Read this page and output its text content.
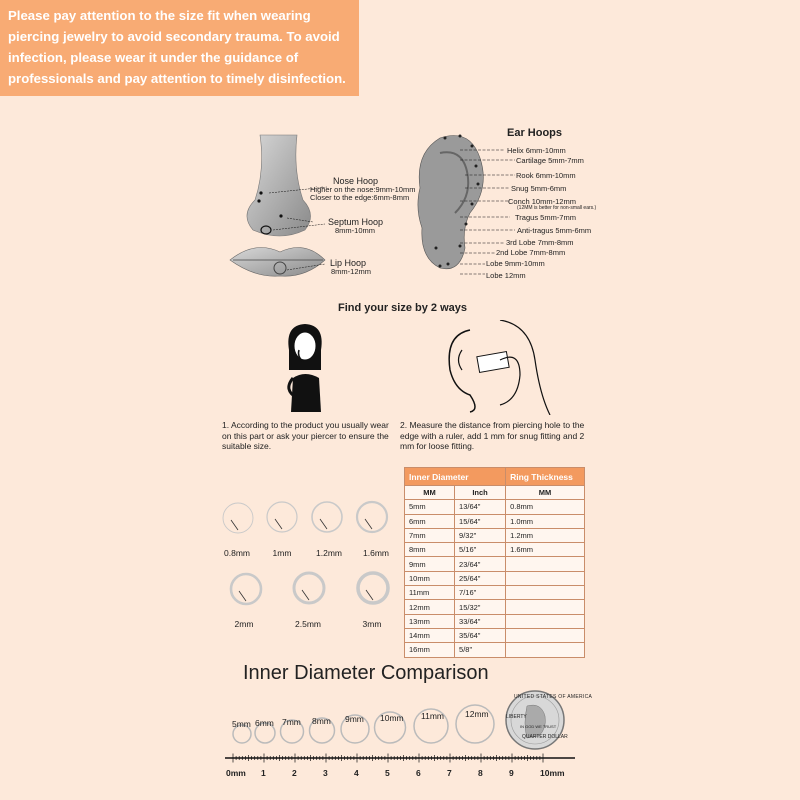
Please pay attention to the size fit when wearing piercing jewelry to avoid secondary trauma. To avoid infection, please wear it under the guidance of professionals and pay attention to timely disinfection.
Nose Hoop
Higher on the nose:9mm-10mm
Closer to the edge:6mm-8mm
Septum Hoop
8mm-10mm
Lip Hoop
8mm-12mm
Ear Hoops
Helix 6mm-10mm
Cartilage 5mm-7mm
Rook 6mm-10mm
Snug 5mm-6mm
Conch 10mm-12mm
(12MM is better for non-small ears.)
Tragus 5mm-7mm
Anti-tragus 5mm-6mm
3rd Lobe 7mm-8mm
2nd Lobe 7mm-8mm
Lobe 9mm-10mm
Lobe 12mm
Find your size by 2 ways
1. According to the product you usually wear on this part or ask your piercer to ensure the suitable size.
2. Measure the distance from piercing hole to the edge with a ruler, add 1 mm for snug fitting and 2 mm for loose fitting.
Inner Diameter		Ring Thickness
MM	Inch	MM
5mm	13/64"	0.8mm
6mm	15/64"	1.0mm
7mm	9/32"	1.2mm
8mm	5/16"	1.6mm
9mm	23/64"	
10mm	25/64"	
11mm	7/16"	
12mm	15/32"	
13mm	33/64"	
14mm	35/64"	
16mm	5/8"	
0.8mm	1mm	1.2mm	1.6mm
2mm	2.5mm	3mm
Inner Diameter Comparison
UNITED STATES OF AMERICA
LIBERTY
IN GOD WE TRUST
QUARTER DOLLAR
5mm 6mm 7mm 8mm 9mm 10mm 11mm 12mm
0mm 1	2	3	4	5	6	7	8	9	10mm
